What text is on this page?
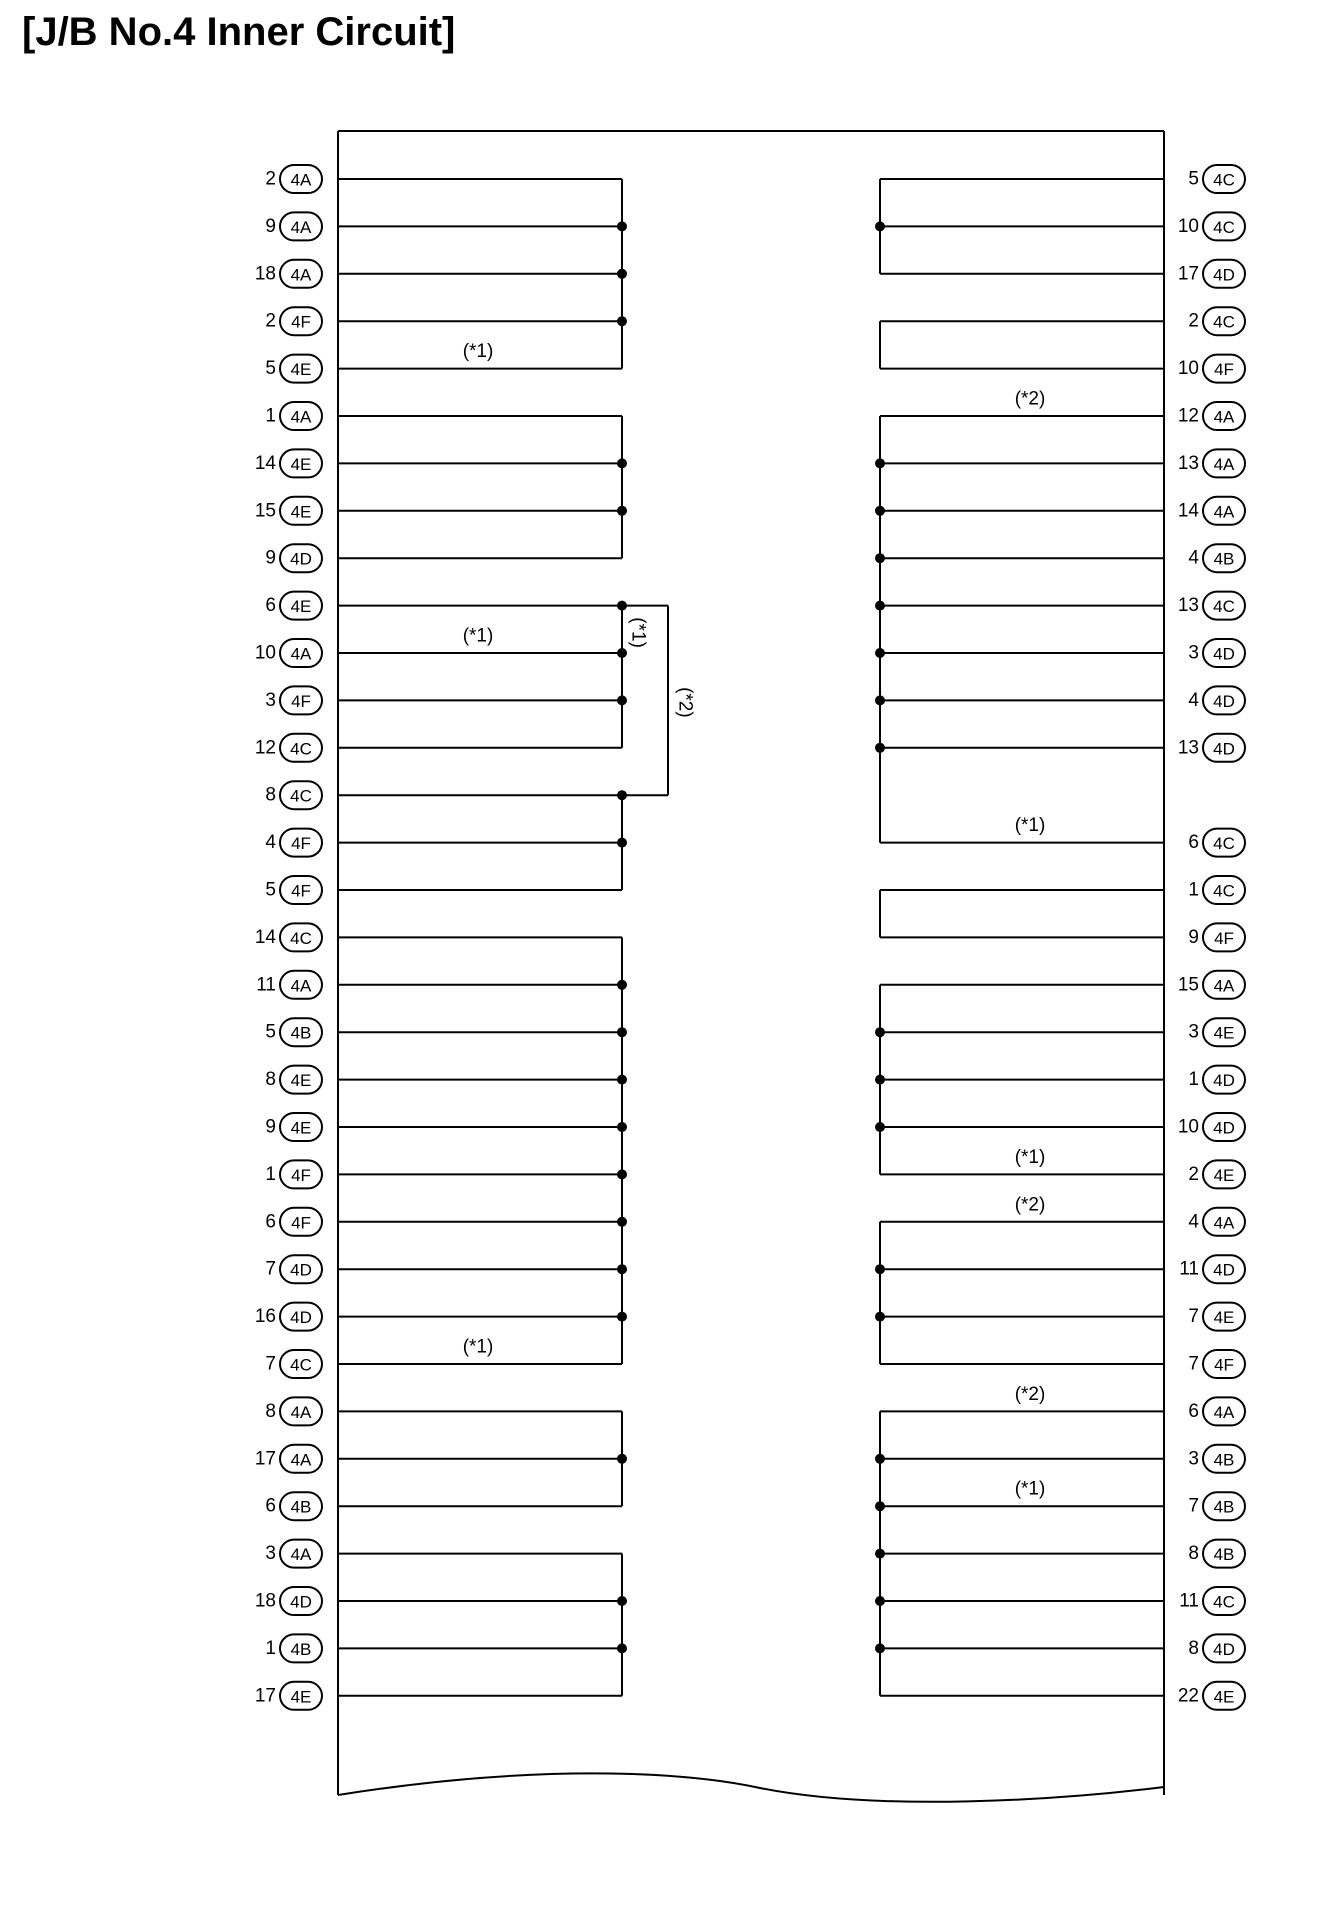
[J/B No.4 Inner Circuit]
2 4A
9 4A
18 4A
2 4F
5 4E
1 4A
14 4E
15 4E
9 4D
6 4E
10 4A
3 4F
12 4C
8 4C
4 4F
5 4F
14 4C
11 4A
5 4B
8 4E
9 4E
1 4F
6 4F
7 4D
16 4D
7 4C
8 4A
17 4A
6 4B
3 4A
18 4D
1 4B
17 4E
(*1)
(*1)
(*1)
5 4C
10 4C
17 4D
2 4C
10 4F
12 4A
13 4A
14 4A
4 4B
13 4C
3 4D
4 4D
13 4D
6 4C
1 4C
9 4F
15 4A
3 4E
1 4D
10 4D
2 4E
4 4A
11 4D
7 4E
7 4F
6 4A
3 4B
7 4B
8 4B
11 4C
8 4D
22 4E
(*2)
(*1)
(*1)
(*2)
(*2)
(*1)
(*1)
(*2)
